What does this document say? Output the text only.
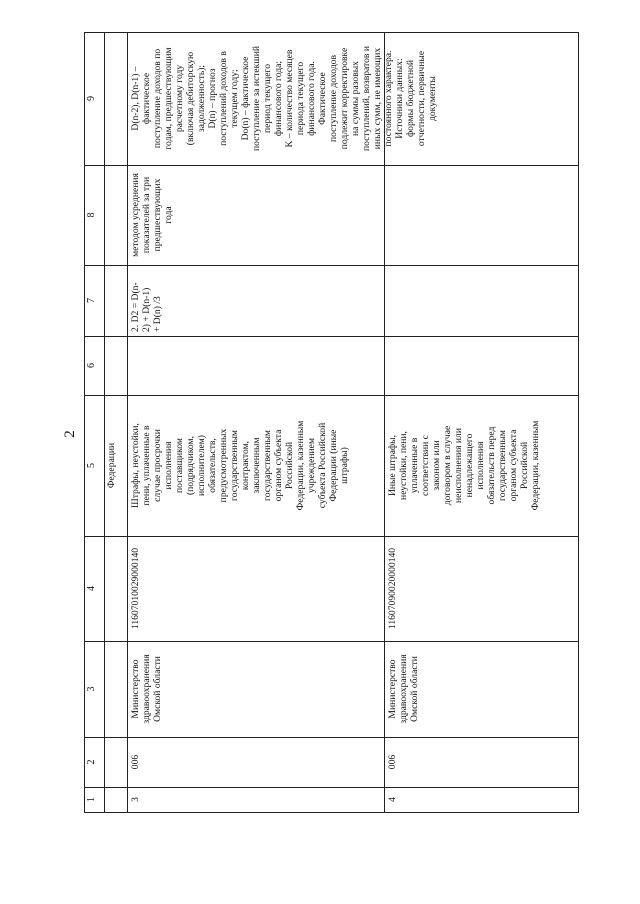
2
1
2
3
4
5
6
7
8
9
Федерации
3
006
Министерство здравоохранения Омской области
11607010029000140
Штрафы, неустойки, пени, уплаченные в случае просрочки исполнения поставщиком (подрядчиком, исполнителем) обязательств, предусмотренных государственным контрактом, заключенным государственным органом субъекта Российской Федерации, казенным учреждением субъекта Российской Федерации (иные штрафы)
2. D2 = D(n- 2) + D(n-1) + D(n) /3
методом усреднения показателей за три предшествующих года
D(n-2), D(n-1) – фактическое поступление доходов по годам, предшествующим расчетному году (включая дебиторскую задолженность); D(n) – прогноз поступлений доходов в текущем году; Do(n) – фактическое поступление за истекший период текущего финансового года; K – количество месяцев периода текущего финансового года. Фактическое поступление доходов подлежит корректировке на суммы разовых поступлений, возвратов и иных сумм, не имеющих постоянного характера. Источники данных: формы бюджетной отчетности, первичные документы
4
006
Министерство здравоохранения Омской области
11607090020000140
Иные штрафы, неустойки, пени, уплаченные в соответствии с законом или договором в случае неисполнения или ненадлежащего исполнения обязательств перед государственным органом субъекта Российской Федерации, казенным
